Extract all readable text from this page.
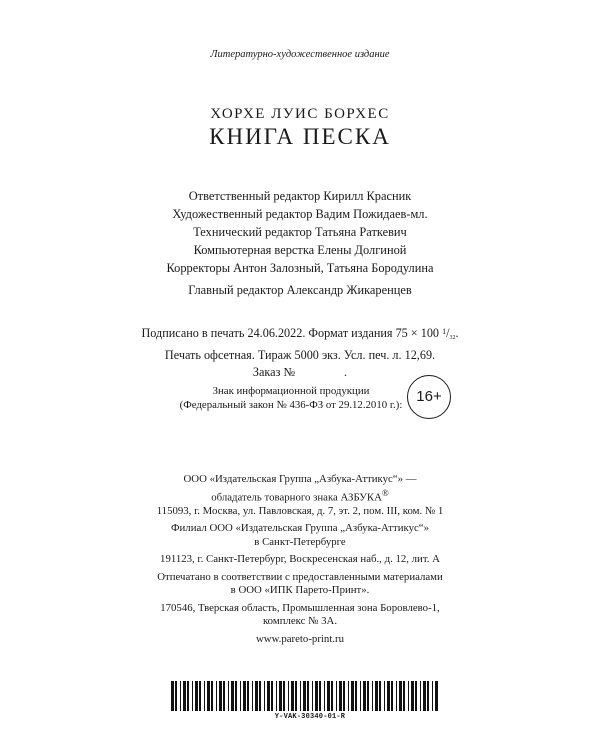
Литературно-художественное издание
ХОРХЕ ЛУИС БОРХЕС
КНИГА ПЕСКА
Ответственный редактор Кирилл Красник
Художественный редактор Вадим Пожидаев-мл.
Технический редактор Татьяна Раткевич
Компьютерная верстка Елены Долгиной
Корректоры Антон Залозный, Татьяна Бородулина
Главный редактор Александр Жикаренцев
Подписано в печать 24.06.2022. Формат издания 75 × 100 $^1/_{32}$.
Печать офсетная. Тираж 5000 экз. Усл. печ. л. 12,69.
Заказ №	.
Знак информационной продукции
(Федеральный закон № 436-ФЗ от 29.12.2010 г.): 16+

ООО «Издательская Группа „Азбука-Аттикус“» —

обладатель товарного знака АЗБУКА®

115093, г. Москва, ул. Павловская, д. 7, эт. 2, пом. III, ком. № 1

Филиал ООО «Издательская Группа „Азбука-Аттикус“»

в Санкт-Петербурге

191123, г. Санкт-Петербург, Воскресенская наб., д. 12, лит. А

Отпечатано в соответствии с предоставленными материалами

в ООО «ИПК Парето-Принт».

170546, Тверская область, Промышленная зона Боровлево-1,

комплекс № 3А.

www.pareto-print.ru

Y-VAK-30340-01-R
